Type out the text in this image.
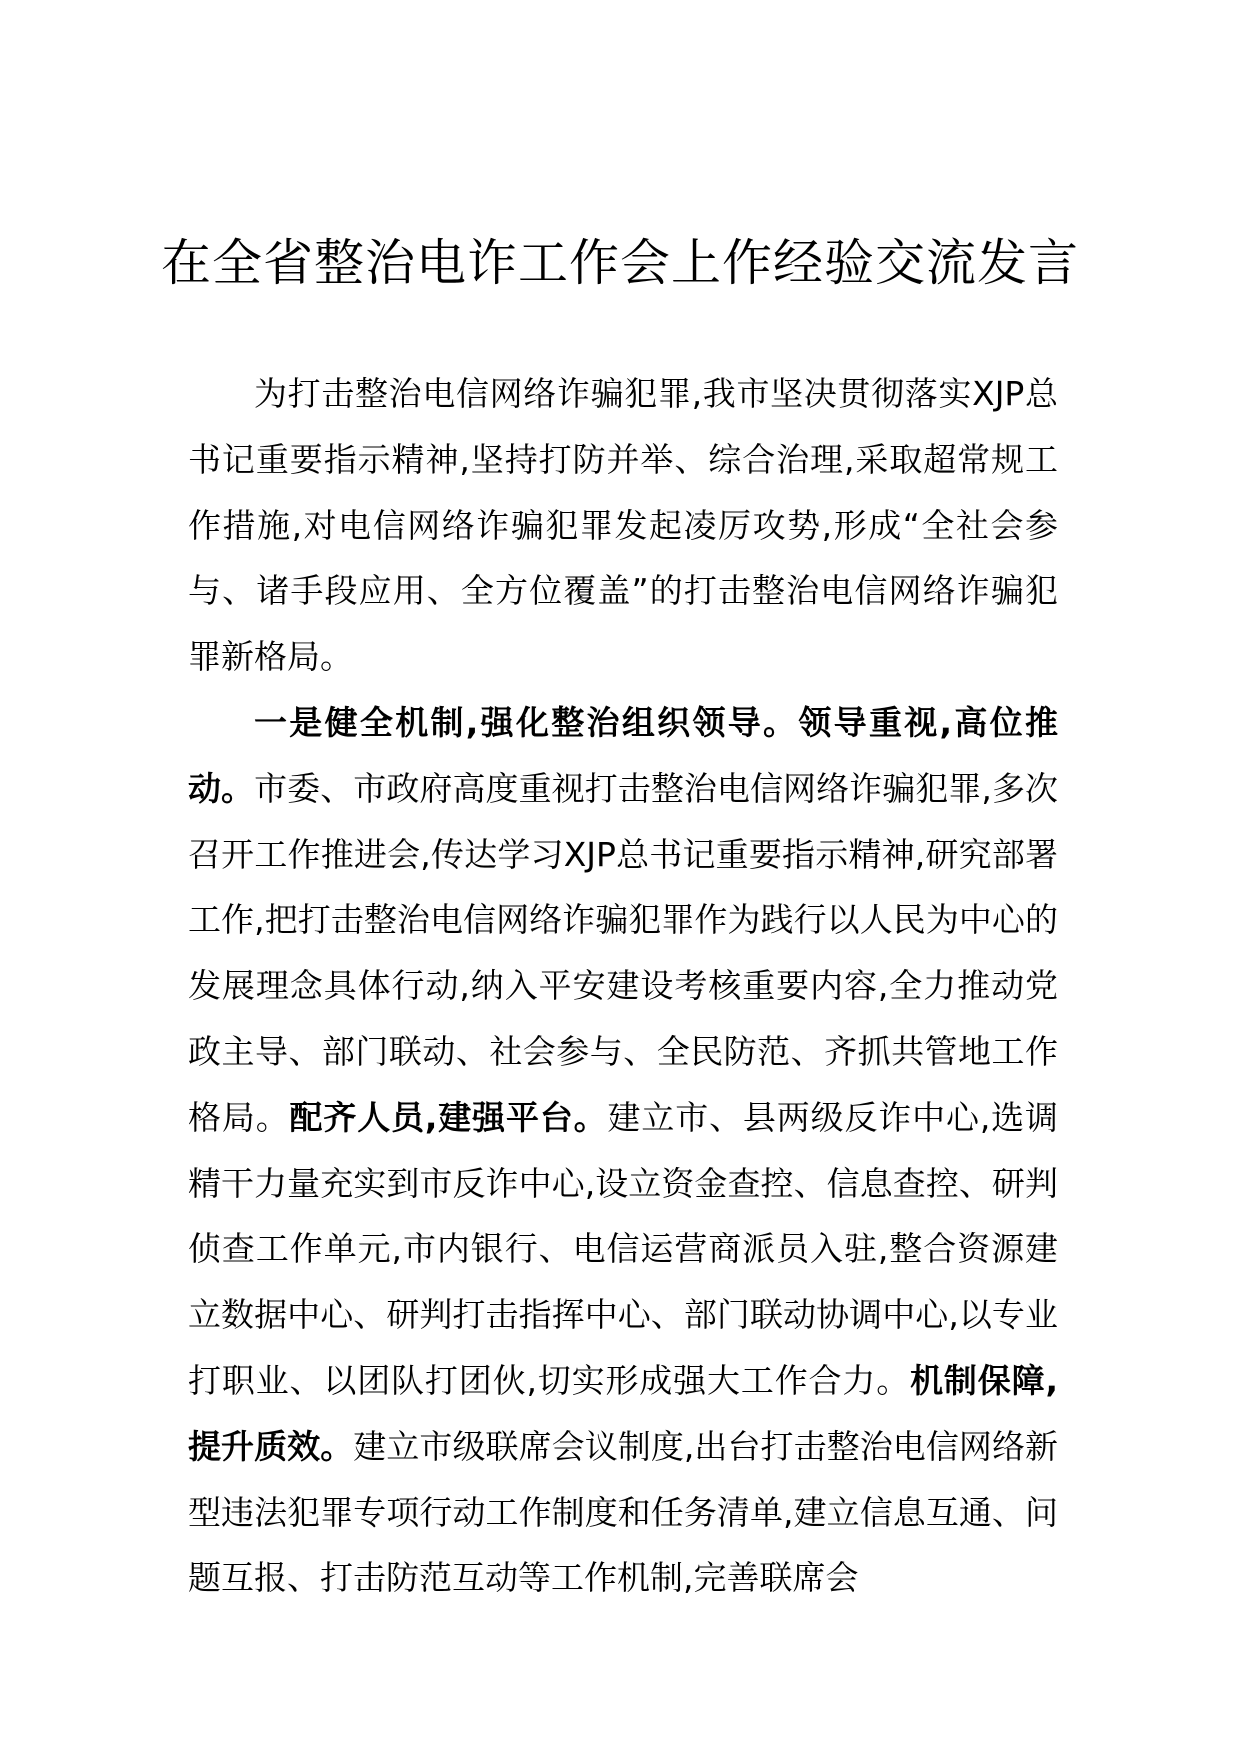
在全省整治电诈工作会上作经验交流发言

为打击整治电信网络诈骗犯罪,我市坚决贯彻落实XJP总书记重要指示精神,坚持打防并举、综合治理,采取超常规工作措施,对电信网络诈骗犯罪发起凌厉攻势,形成“全社会参与、诸手段应用、全方位覆盖”的打击整治电信网络诈骗犯罪新格局。

一是健全机制,强化整治组织领导。领导重视,高位推动。市委、市政府高度重视打击整治电信网络诈骗犯罪,多次召开工作推进会,传达学习XJP总书记重要指示精神,研究部署工作,把打击整治电信网络诈骗犯罪作为践行以人民为中心的发展理念具体行动,纳入平安建设考核重要内容,全力推动党政主导、部门联动、社会参与、全民防范、齐抓共管地工作格局。配齐人员,建强平台。建立市、县两级反诈中心,选调精干力量充实到市反诈中心,设立资金查控、信息查控、研判侦查工作单元,市内银行、电信运营商派员入驻,整合资源建立数据中心、研判打击指挥中心、部门联动协调中心,以专业打职业、以团队打团伙,切实形成强大工作合力。机制保障,提升质效。建立市级联席会议制度,出台打击整治电信网络新型违法犯罪专项行动工作制度和任务清单,建立信息互通、问题互报、打击防范互动等工作机制,完善联席会
